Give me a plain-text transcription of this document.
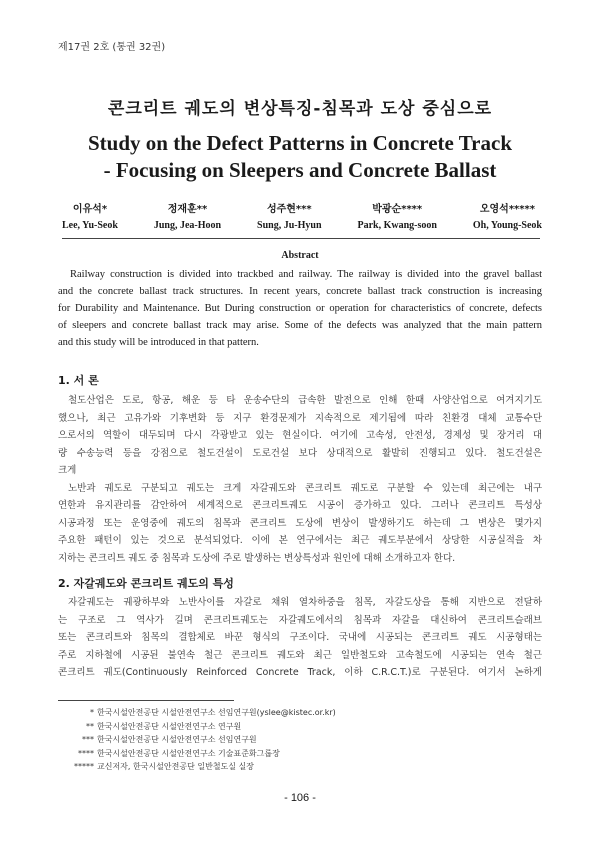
제17권 2호 (통권 32권)
콘크리트 궤도의 변상특징-침목과 도상 중심으로
Study on the Defect Patterns in Concrete Track
- Focusing on Sleepers and Concrete Ballast
이유석*
Lee, Yu-Seok
정재훈**
Jung, Jea-Hoon
성주현***
Sung, Ju-Hyun
박광순****
Park, Kwang-soon
오영석*****
Oh, Young-Seok
Abstract
Railway construction is divided into trackbed and railway. The railway is divided into the gravel ballast
and the concrete ballast track structures. In recent years, concrete ballast track construction is increasing
for Durability and Maintenance. But During construction or operation for characteristics of concrete, defects
of sleepers and concrete ballast track may arise. Some of the defects was analyzed that the main pattern
and this study will be introduced in that pattern.
1. 서 론
철도산업은 도로, 항공, 해운 등 타 운송수단의 급속한 발전으로 인해 한때 사양산업으로 여겨지기도
했으나, 최근 고유가와 기후변화 등 지구 환경문제가 지속적으로 제기됨에 따라 친환경 대체 교통수단
으로서의 역할이 대두되며 다시 각광받고 있는 현실이다. 여기에 고속성, 안전성, 경제성 및 장거리 대
량 수송능력 등을 강점으로 철도건설이 도로건설 보다 상대적으로 활발히 진행되고 있다. 철도건설은
크게
노반과 궤도로 구분되고 궤도는 크게 자갈궤도와 콘크리트 궤도로 구분할 수 있는데 최근에는 내구
연한과 유지관리를 감안하여 세계적으로 콘크리트궤도 시공이 증가하고 있다. 그러나 콘크리트 특성상
시공과정 또는 운영중에 궤도의 침목과 콘크리트 도상에 변상이 발생하기도 하는데 그 변상은 몇가지
주요한 패턴이 있는 것으로 분석되었다. 이에 본 연구에서는 최근 궤도부분에서 상당한 시공실적을 차
지하는 콘크리트 궤도 중 침목과 도상에 주로 발생하는 변상특성과 원인에 대해 소개하고자 한다.
2. 자갈궤도와 콘크리트 궤도의 특성
자갈궤도는 궤광하부와 노반사이를 자갈로 채워 열차하중을 침목, 자갈도상을 통해 지반으로 전달하
는 구조로 그 역사가 길며 콘크리트궤도는 자갈궤도에서의 침목과 자갈을 대신하여 콘크리트슬래브
또는 콘크리트와 침목의 결합체로 바꾼 형식의 구조이다. 국내에 시공되는 콘크리트 궤도 시공형태는
주로 지하철에 시공된 불연속 철근 콘크리트 궤도와 최근 일반철도와 고속철도에 시공되는 연속 철근
콘크리트 궤도(Continuously Reinforced Concrete Track, 이하 C.R.C.T.)로 구분된다. 여기서 논하게
* 한국시설안전공단 시설안전연구소 선임연구원(yslee@kistec.or.kr)
** 한국시설안전공단 시설안전연구소 연구원
*** 한국시설안전공단 시설안전연구소 선임연구원
**** 한국시설안전공단 시설안전연구소 기술표준화그룹장
***** 교신저자, 한국시설안전공단 일반철도실 실장
- 106 -
